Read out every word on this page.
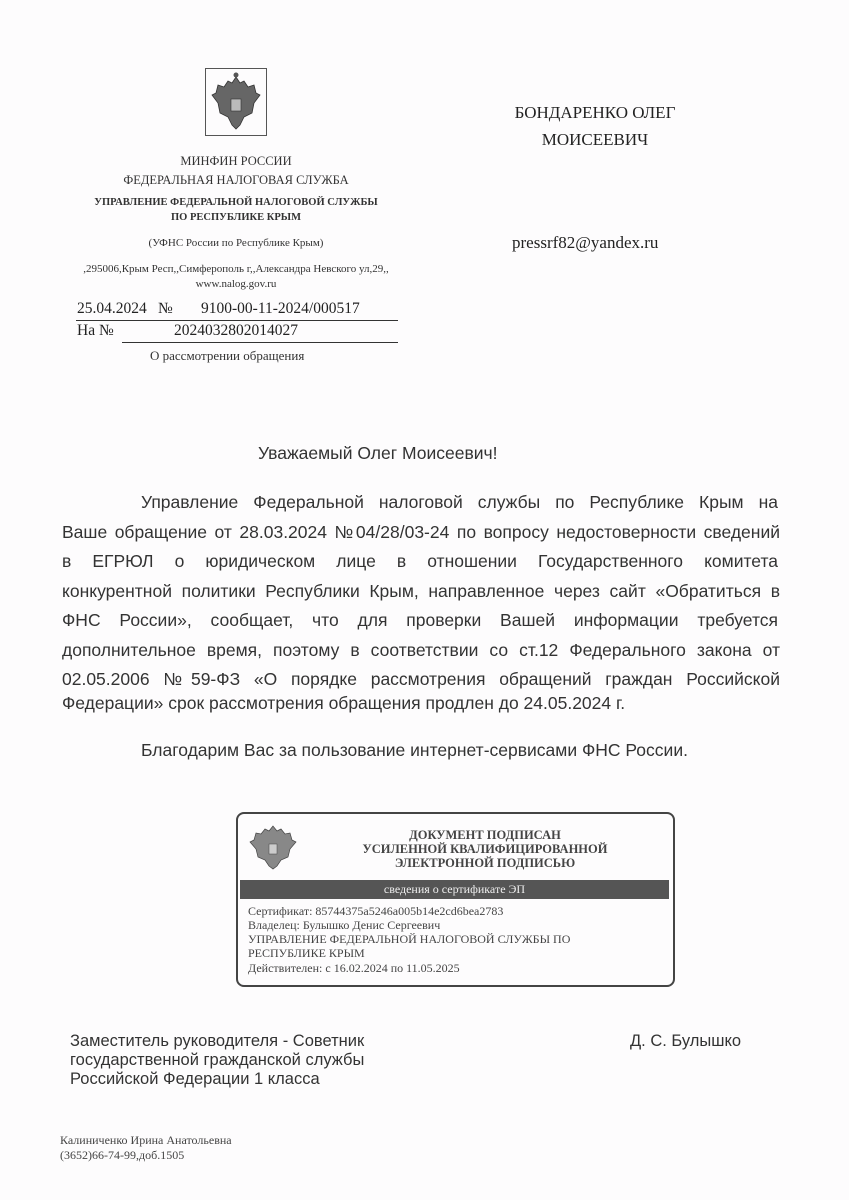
МИНФИН РОССИИ
ФЕДЕРАЛЬНАЯ НАЛОГОВАЯ СЛУЖБА
УПРАВЛЕНИЕ ФЕДЕРАЛЬНОЙ НАЛОГОВОЙ СЛУЖБЫ
ПО РЕСПУБЛИКЕ КРЫМ
(УФНС России по Республике Крым)
,295006,Крым Респ,,Симферополь г,,Александра Невского ул,29,,
www.nalog.gov.ru
25.04.2024 № 9100-00-11-2024/000517
На №	2024032802014027
О рассмотрении обращения
БОНДАРЕНКО ОЛЕГ
МОИСЕЕВИЧ
pressrf82@yandex.ru
Уважаемый Олег Моисеевич!
Управление Федеральной налоговой службы по Республике Крым на
Ваше обращение от 28.03.2024 №04/28/03-24 по вопросу недостоверности сведений
в ЕГРЮЛ о юридическом лице в отношении Государственного комитета
конкурентной политики Республики Крым, направленное через сайт «Обратиться в
ФНС России», сообщает, что для проверки Вашей информации требуется
дополнительное время, поэтому в соответствии со ст.12 Федерального закона от
02.05.2006 №59-ФЗ «О порядке рассмотрения обращений граждан Российской
Федерации» срок рассмотрения обращения продлен до 24.05.2024 г.
Благодарим Вас за пользование интернет-сервисами ФНС России.
ДОКУМЕНТ ПОДПИСАН
УСИЛЕННОЙ КВАЛИФИЦИРОВАННОЙ
ЭЛЕКТРОННОЙ ПОДПИСЬЮ
сведения о сертификате ЭП
Сертификат: 85744375a5246a005b14e2cd6bea2783
Владелец: Булышко Денис Сергеевич
УПРАВЛЕНИЕ ФЕДЕРАЛЬНОЙ НАЛОГОВОЙ СЛУЖБЫ ПО
РЕСПУБЛИКЕ КРЫМ
Действителен: с 16.02.2024 по 11.05.2025
Заместитель руководителя - Советник
государственной гражданской службы
Российской Федерации 1 класса
Д. С. Булышко
Калиниченко Ирина Анатольевна
(3652)66-74-99,доб.1505
